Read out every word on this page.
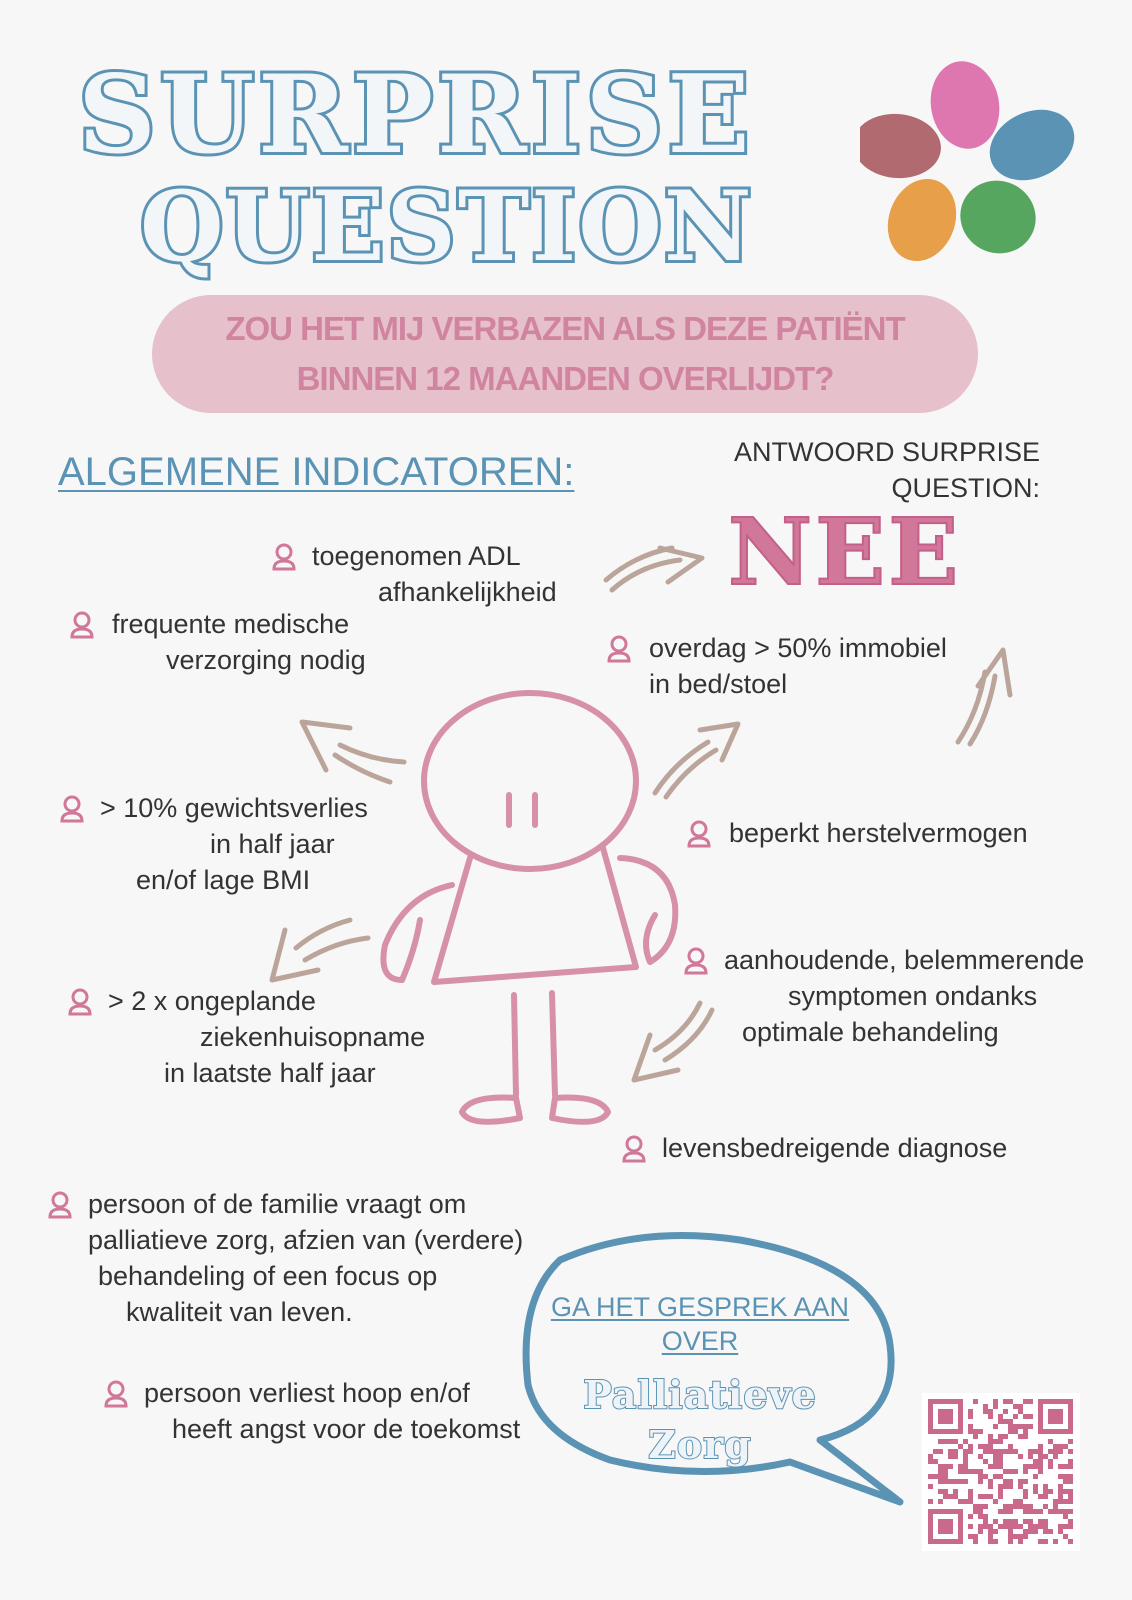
SURPRISE
QUESTION
ZOU HET MIJ VERBAZEN ALS DEZE PATIËNT
BINNEN 12 MAANDEN OVERLIJDT?
ALGEMENE INDICATOREN:	ANTWOORD SURPRISE
QUESTION:
NEE
toegenomen ADL
afhankelijkheid
frequente medische
verzorging nodig	overdag > 50% immobiel
in bed/stoel
> 10% gewichtsverlies
in half jaar
en/of lage BMI
beperkt herstelvermogen
aanhoudende, belemmerende
symptomen ondanks
optimale behandeling
> 2 x ongeplande
ziekenhuisopname
in laatste half jaar
levensbedreigende diagnose
persoon of de familie vraagt om
palliatieve zorg, afzien van (verdere)
behandeling of een focus op
kwaliteit van leven.
persoon verliest hoop en/of
heeft angst voor de toekomst
GA HET GESPREK AAN
OVER
Palliatieve
Zorg
